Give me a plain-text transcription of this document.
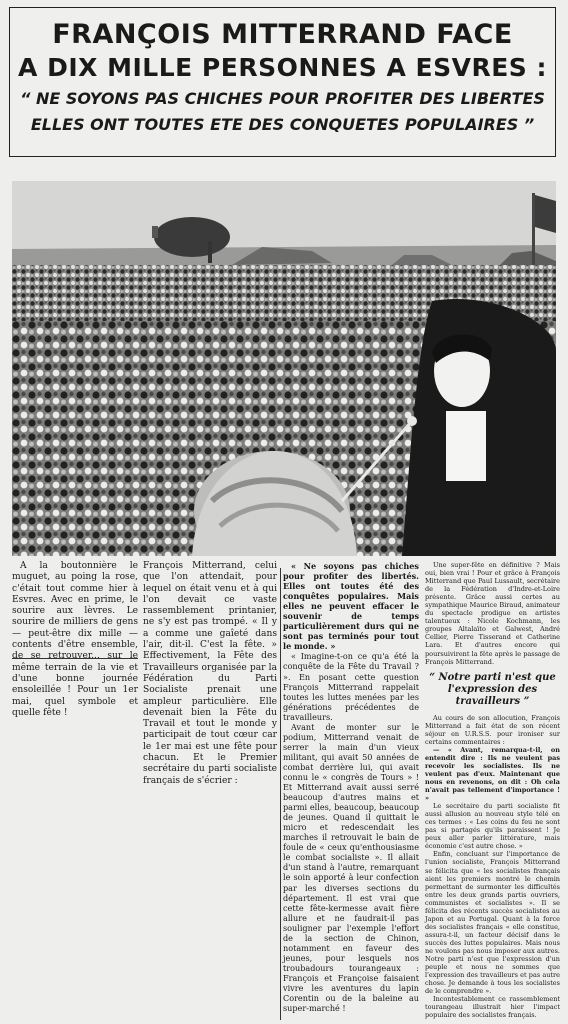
FRANÇOIS MITTERRAND FACE
A DIX MILLE PERSONNES A ESVRES :
“ NE SOYONS PAS CHICHES POUR PROFITER DES LIBERTES
ELLES ONT TOUTES ETE DES CONQUETES POPULAIRES ”

A la boutonnière le muguet, au poing la rose, c'était tout comme hier à Esvres. Avec en prime, le sourire aux lèvres. Le sourire de milliers de gens — peut-être dix mille — contents d'être ensemble, de se retrouver... sur le même terrain de la vie et d'une bonne journée ensoleillée ! Pour un 1er mai, quel symbole et quelle fête !

François Mitterrand, celui que l'on attendait, pour lequel on était venu et à qui l'on devait ce vaste rassemblement printanier, ne s'y est pas trompé. « Il y a comme une gaîeté dans l'air, dit-il. C'est la fête. » Effectivement, la Fête des Travailleurs organisée par la Fédération du Parti Socialiste prenait une ampleur particulière. Elle devenait bien la Fête du Travail et tout le monde y participait de tout cœur car le 1er mai est une fête pour chacun. Et le Premier secrétaire du parti socialiste français de s'écrier :

« Ne soyons pas chiches pour profiter des libertés. Elles ont toutes été des conquêtes populaires. Mais elles ne peuvent effacer le souvenir de temps particulièrement durs qui ne sont pas terminés pour tout le monde. »

« Imagine-t-on ce qu'a été la conquête de la Fête du Travail ? ». En posant cette question François Mitterrand rappelait toutes les luttes menées par les générations précédentes de travailleurs.

Avant de monter sur le podium, Mitterrand venait de serrer la main d'un vieux militant, qui avait 50 années de combat derrière lui, qui avait connu le « congrès de Tours » ! Et Mitterrand avait aussi serré beaucoup d'autres mains et parmi elles, beaucoup, beaucoup de jeunes. Quand il quittait le micro et redescendait les marches il retrouvait le bain de foule de « ceux qu'enthousiasme le combat socialiste ». Il allait d'un stand à l'autre, remarquant le soin apporté à leur confection par les diverses sections du département. Il est vrai que cette fête-kermesse avait fière allure et ne faudrait-il pas souligner par l'exemple l'effort de la section de Chinon, notamment en faveur des jeunes, pour lesquels nos troubadours tourangeaux : François et Françoise faisaient vivre les aventures du lapin Corentin ou de la baleine au super-marché !

Une super-fête en définitive ? Mais oui, bien vrai ! Pour et grâce à François Mitterrand que Paul Lussault, secrétaire de la Fédération d'Indre-et-Loire présente. Grâce aussi certes au sympathique Maurice Biraud, animateur du spectacle prodigue en artistes talentueux : Nicole Kochmann, les groupes Altalaïto et Galwest, André Cellier, Pierre Tisserand et Catherine Lara. Et d'autres encore qui poursuivirent la fête après le passage de François Mitterrand.

“ Notre parti n'est que l'expression des travailleurs ”

Au cours de son allocution, François Mitterrand a fait état de son récent séjour en U.R.S.S. pour ironiser sur certains commentaires :

— « Avant, remarqua-t-il, on entendit dire : Ils ne veulent pas recevoir les socialistes. Ils ne veulent pas d'eux. Maintenant que nous en revenons, on dit : Oh cela n'avait pas tellement d'importance ! »

Le secrétaire du parti socialiste fit aussi allusion au nouveau style télé en ces termes : « Les coins du feu ne sont pas si partagés qu'ils paraissent ! Je peux aller parler littérature, mais économie c'est autre chose. »

Enfin, concluant sur l'importance de l'union socialiste, François Mitterrand se félicita que « les socialistes français aient les premiers montré le chemin permettant de surmonter les difficultés entre les deux grands partis ouvriers, communistes et socialistes ». Il se félicita des récents succès socialistes au Japon et au Portugal. Quant à la force des socialistes français « elle constitue, assura-t-il, un facteur décisif dans le succès des luttes populaires. Mais nous ne voulons pas nous imposer aux autres. Notre parti n'est que l'expression d'un peuple et nous ne sommes que l'expression des travailleurs et pas autre chose. Je demande à tous les socialistes de le comprendre ».

Incontestablement ce rassemblement tourangeau illustrait hier l'impact populaire des socialistes français.
